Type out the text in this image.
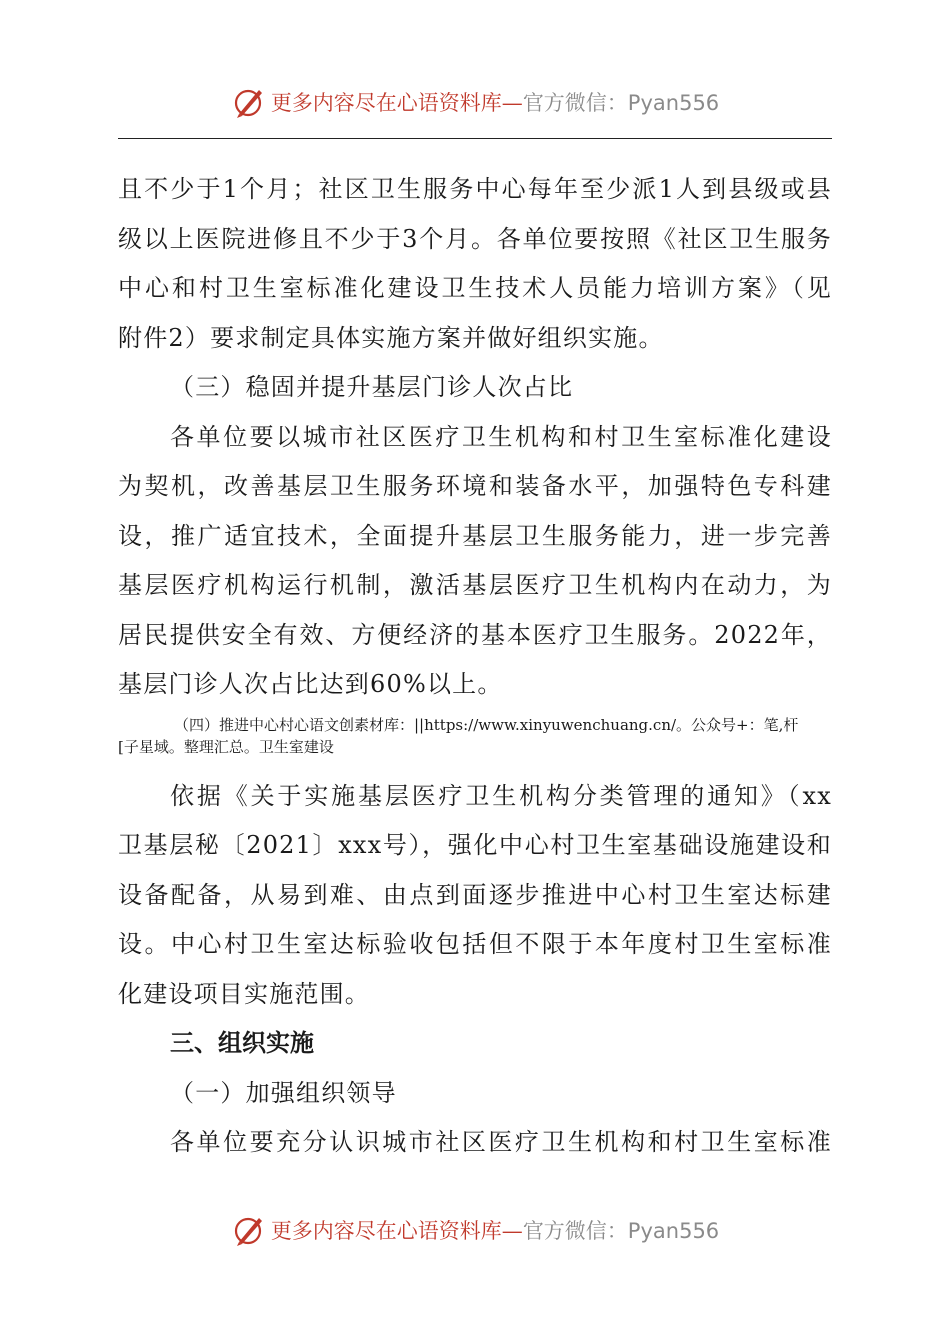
更多内容尽在心语资料库— 官方微信：Pyan556

且不少于1个月；社区卫生服务中心每年至少派1人到县级或县

级以上医院进修且不少于3个月。各单位要按照《社区卫生服务

中心和村卫生室标准化建设卫生技术人员能力培训方案》（见

附件2）要求制定具体实施方案并做好组织实施。

（三）稳固并提升基层门诊人次占比

各单位要以城市社区医疗卫生机构和村卫生室标准化建设

为契机，改善基层卫生服务环境和装备水平，加强特色专科建

设，推广适宜技术，全面提升基层卫生服务能力，进一步完善

基层医疗机构运行机制，激活基层医疗卫生机构内在动力，为

居民提供安全有效、方便经济的基本医疗卫生服务。2022年，

基层门诊人次占比达到60%以上。

（四）推进中心村心语文创素材库：||https://www.xinyuwenchuang.cn/。公众号+：笔,杆
[子星域。整理汇总。卫生室建设

依据《关于实施基层医疗卫生机构分类管理的通知》（xx

卫基层秘〔2021〕xxx号），强化中心村卫生室基础设施建设和

设备配备，从易到难、由点到面逐步推进中心村卫生室达标建

设。中心村卫生室达标验收包括但不限于本年度村卫生室标准

化建设项目实施范围。

三、组织实施

（一）加强组织领导

各单位要充分认识城市社区医疗卫生机构和村卫生室标准

更多内容尽在心语资料库— 官方微信：Pyan556
